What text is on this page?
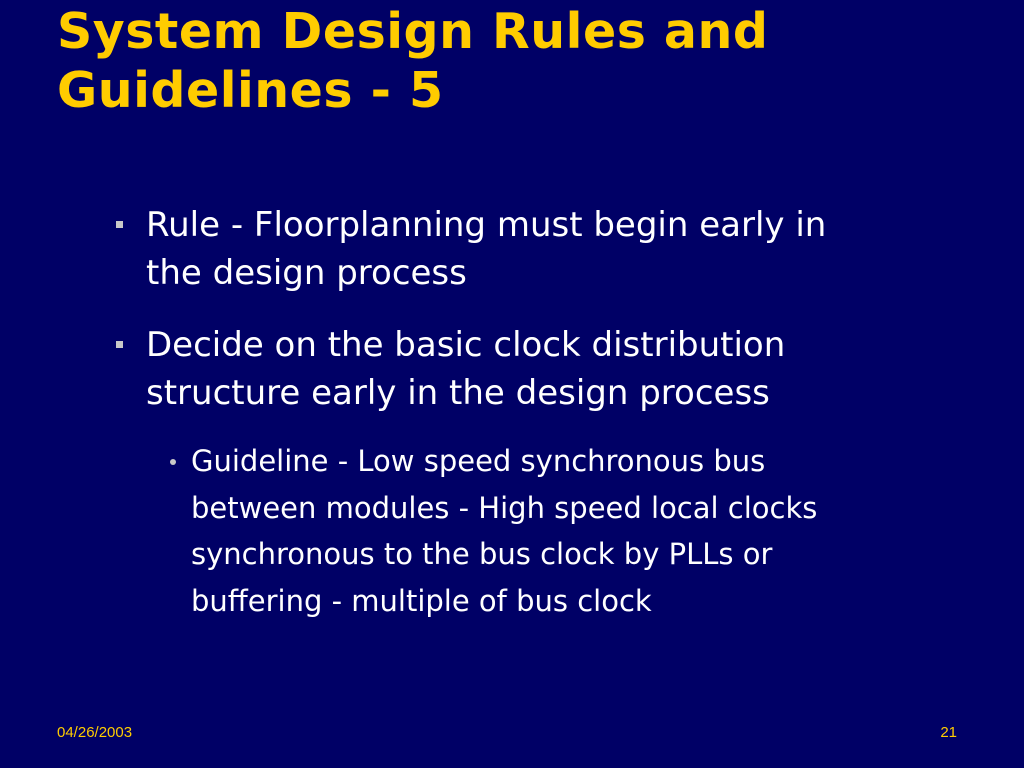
System Design Rules and
Guidelines - 5
Rule - Floorplanning must begin early in
the design process
Decide on the basic clock distribution
structure early in the design process
Guideline - Low speed synchronous bus
between modules - High speed local clocks
synchronous to the bus clock by PLLs or
buffering - multiple of bus clock
04/26/2003	21
